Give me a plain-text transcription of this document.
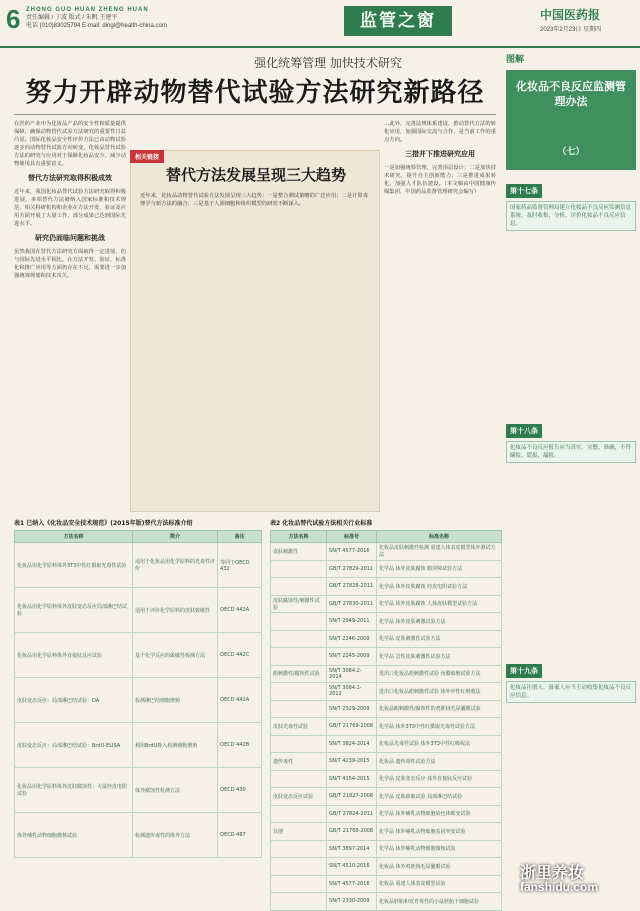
6 ZHONG GUO HUAN ZHENG HUAN
责任编辑 / 丁波 版式 / 朱帆 王建平
电话 (010)83025794 E-mail: dingl@health-china.com	监管之窗	中国医药报
2023年2月23日 星期四
强化统筹管理 加快技术研究
努力开辟动物替代试验方法研究新路径
在医药产业中为化妆品产品的安全性和质量提供保障，确保动物替代试验方法研究的重要性日益凸显。国际化妆品安全性评价方法已由动物试验逐步向动物替代试验方向转变，化妆品替代试验方法的研究与应用对于保障化妆品安全、减少动物使用具有重要意义。
替代方法研究取得积极成效
近年来，我国化妆品替代试验方法研究取得积极进展，多项替代方法被纳入国家标准和技术规范，相关科研机构和企业在方法开发、验证及应用方面开展了大量工作，部分成果已达到国际先进水平。
研究仍面临问题和挑战
虽然我国在替代方法研究方面取得一定进展，但与国际先进水平相比，在方法开发、验证、标准化和推广应用等方面仍存在不足，需要进一步加强统筹规划和技术攻关。
相关链接
替代方法发展呈现三大趋势
近年来，化妆品动物替代试验方法发展呈现三大趋势：一是整合测试策略的广泛应用；二是计算毒理学与新方法的融合；三是基于人源细胞和组织模型的研究不断深入。
…此外，完善法规体系建设，推动替代方法的转化应用，加强国际交流与合作，是当前工作的重点方向。
三措并下推进研究应用
一是加强统筹管理，完善顶层设计；二是加快技术研究，提升自主创新能力；三是推进成果转化，加强人才队伍建设。（本文稿由中国健康传媒集团、中国药品监督管理研究会编写）
表1 已纳入《化妆品安全技术规范》(2015年版)替代方法标准介绍
方法名称	简介	备注
化妆品用化学原料体外3T3中性红摄取光毒性试验	适用于化妆品用化学原料的光毒性评价	等同于OECD 432
化妆品用化学原料体外皮肤变态反应局部淋巴结试验	适用于评价化学原料的皮肤致敏性	OECD 442A
化妆品用化学原料体外直接肽反应试验	基于化学反应的致敏性检测方法	OECD 442C
皮肤变态反应：局部淋巴结试验：DA	检测淋巴结细胞增殖	OECD 442A
皮肤变态反应：局部淋巴结试验：BrdU-ELISA	利用BrdU掺入检测细胞增殖	OECD 442B
化妆品用化学原料体外皮肤腐蚀性：大鼠经皮电阻试验	体外腐蚀性检测方法	OECD 430
体外哺乳动物细胞微核试验	检测遗传毒性的体外方法	OECD 487
表2 化妆品替代试验方法相关行业标准
方法名称	标准号	标准名称
皮肤刺激性	SN/T 4577-2016	化妆品皮肤刺激性检测 重建人体表皮模型体外测试方法
	GB/T 27829-2011	化学品 体外皮肤腐蚀 膜屏障试验方法
	GB/T 27828-2011	化学品 体外皮肤腐蚀 经皮电阻试验方法
皮肤腐蚀性/刺激性试验	GB/T 27830-2011	化学品 体外皮肤腐蚀 人体皮肤模型试验方法
	SN/T 2949-2011	化学品 体外皮肤刺激试验方法
	SN/T 2246-2009	化学品 皮肤刺激性试验方法
	SN/T 2245-2009	化学品 急性皮肤刺激性试验方法
眼刺激性/腐蚀性试验	SN/T 3084.2-2014	进出口化妆品眼刺激性试验 角膜细胞试验方法
	SN/T 3084.1-2012	进出口化妆品眼刺激性试验 体外中性红吸收法
	SN/T 2329-2009	化妆品眼刺激性/腐蚀性的鸡胚绒毛尿囊膜试验
皮肤光毒性试验	GB/T 21769-2008	化学品 体外3T3中性红摄取光毒性试验方法
	SN/T 3824-2014	化妆品光毒性试验 体外3T3中性红吸收法
遗传毒性	SN/T 4239-2015	化妆品 遗传毒性试验方法
	SN/T 4154-2015	化学品 皮肤变态反应 体外直接肽反应试验
皮肤变态反应试验	GB/T 21827-2008	化学品 皮肤致敏试验 局部淋巴结试验
	GB/T 27824-2011	化学品 体外哺乳动物细胞染色体畸变试验
其他	GB/T 21768-2008	化学品 体外哺乳动物细胞基因突变试验
	SN/T 3897-2014	化学品 体外哺乳动物细胞微核试验
	SN/T 4510-2016	化妆品 体外鸡胚绒毛尿囊膜试验
	SN/T 4577-2016	化妆品 重建人体表皮模型试验
	SN/T 2330-2009	化妆品胚胎和发育毒性的小鼠胚胎干细胞试验
图解
化妆品不良反应监测管理办法
（七）
第十七条
国家药品监督管理局建立化妆品不良反应监测信息系统，及时收集、分析、评价化妆品不良反应信息。
第十八条
化妆品不良反应报告应当真实、完整、准确，不得瞒报、谎报、漏报。
第十九条
化妆品注册人、备案人应当主动收集化妆品不良反应信息。
浙里养妆
fanshidu.com
